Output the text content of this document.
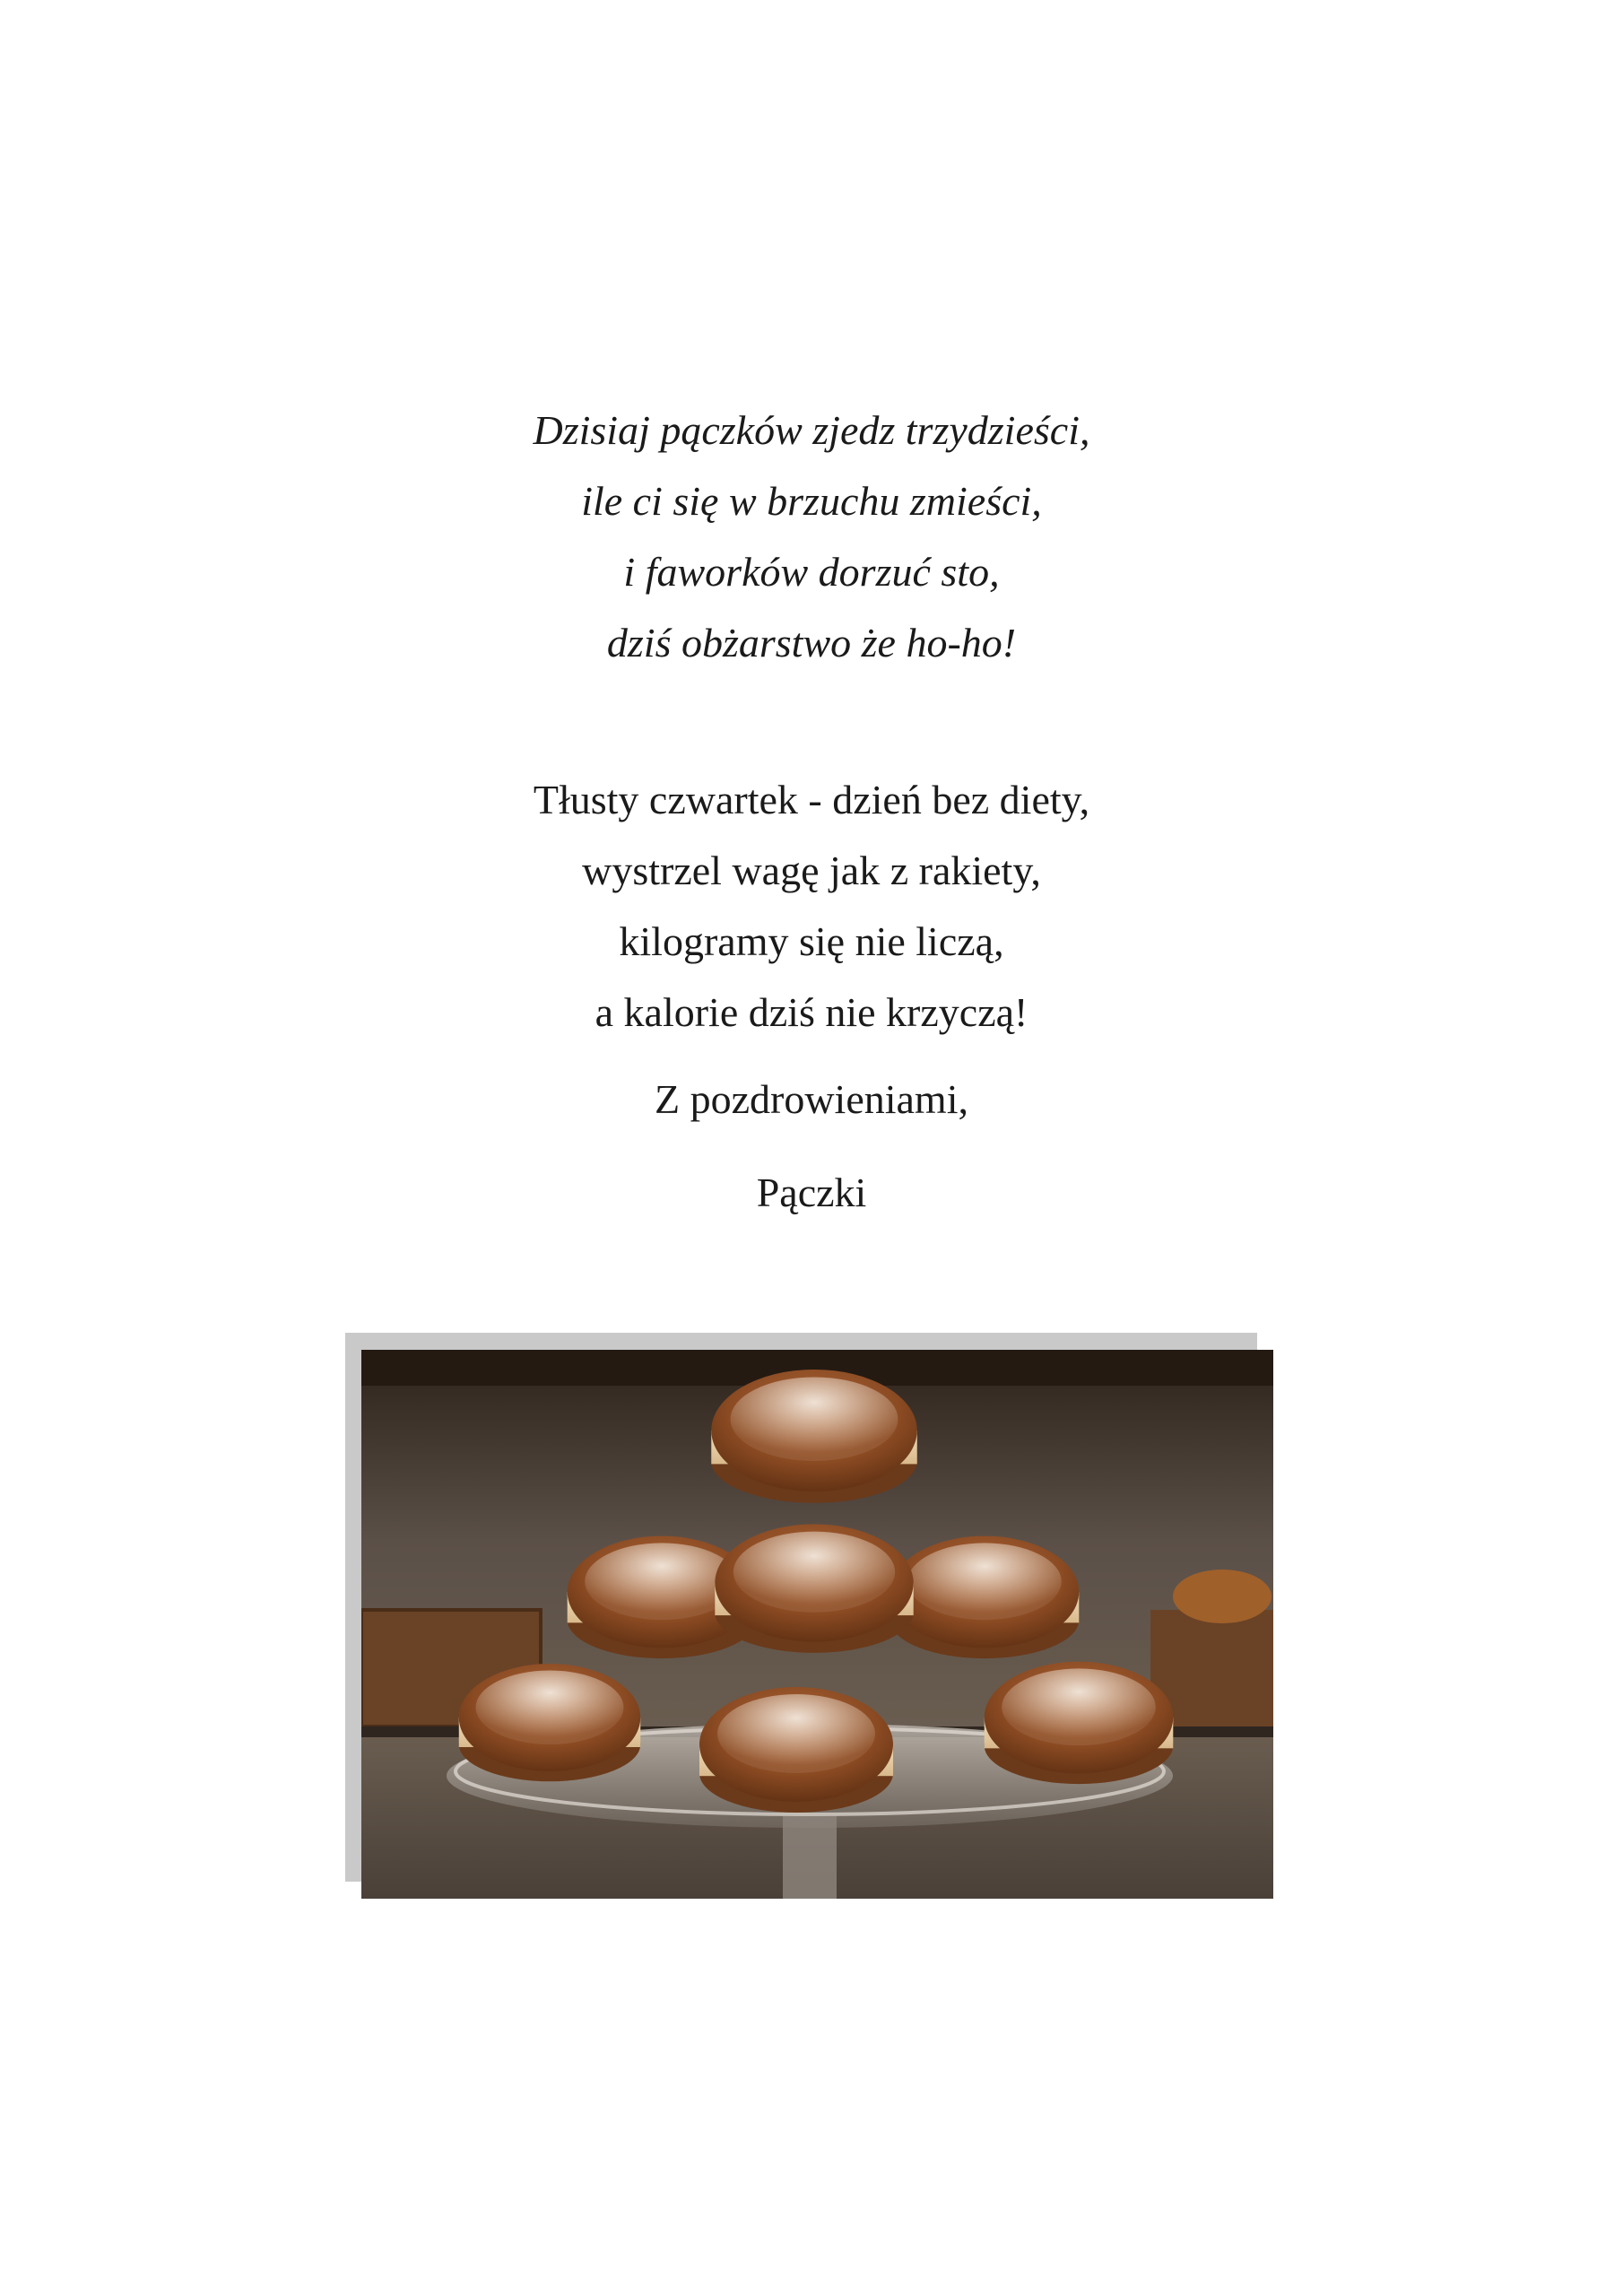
Dzisiaj pączków zjedz trzydzieści,
ile ci się w brzuchu zmieści,
i faworków dorzuć sto,
dziś obżarstwo że ho-ho!
Tłusty czwartek - dzień bez diety,
wystrzel wagę jak z rakiety,
kilogramy się nie liczą,
a kalorie dziś nie krzyczą!
Z pozdrowieniami,
Pączki
